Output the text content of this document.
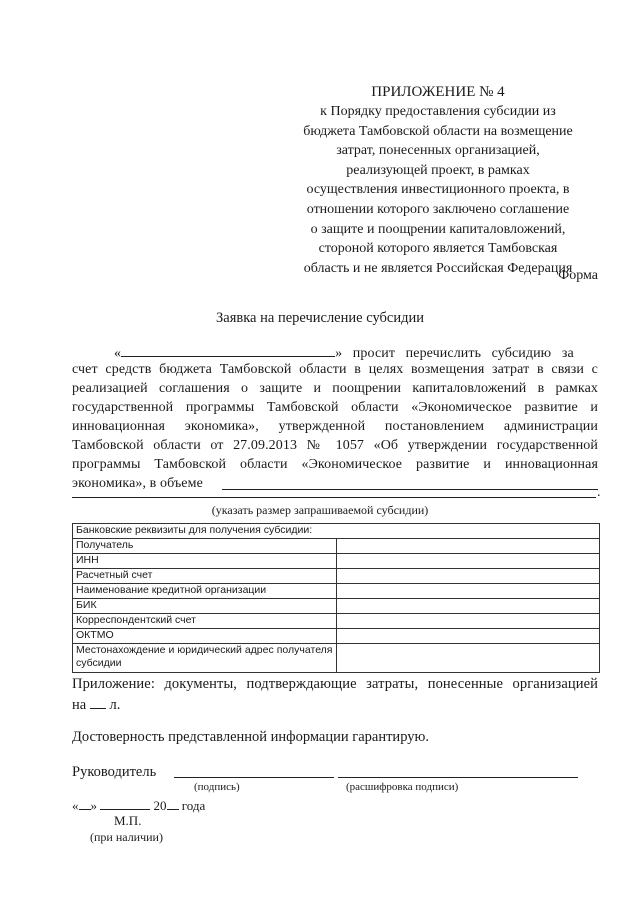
ПРИЛОЖЕНИЕ № 4
к Порядку предоставления субсидии из
бюджета Тамбовской области на возмещение
затрат, понесенных организацией,
реализующей проект, в рамках
осуществления инвестиционного проекта, в
отношении которого заключено соглашение
о защите и поощрении капиталовложений,
стороной которого является Тамбовская
область и не является Российская Федерация
Форма
Заявка на перечисление субсидии
«	» просит перечислить субсидию за
счет средств бюджета Тамбовской области в целях возмещения затрат в связи с
реализацией соглашения о защите и поощрении капиталовложений в рамках
государственной программы Тамбовской области «Экономическое развитие и
инновационная экономика», утвержденной постановлением администрации
Тамбовской области от 27.09.2013 № 1057 «Об утверждении государственной
программы Тамбовской области «Экономическое развитие и инновационная
экономика», в объеме
.
(указать размер запрашиваемой субсидии)
Банковские реквизиты для получения субсидии:	
Получатель	
ИНН	
Расчетный счет	
Наименование кредитной организации	
БИК	
Корреспондентский счет	
ОКТМО	
Местонахождение и юридический адрес получателя субсидии	
Приложение: документы, подтверждающие затраты, понесенные организацией
на л.
Достоверность представленной информации гарантирую.
Руководитель
(подпись)	(расшифровка подписи)
« »	20 года
М.П.
(при наличии)
